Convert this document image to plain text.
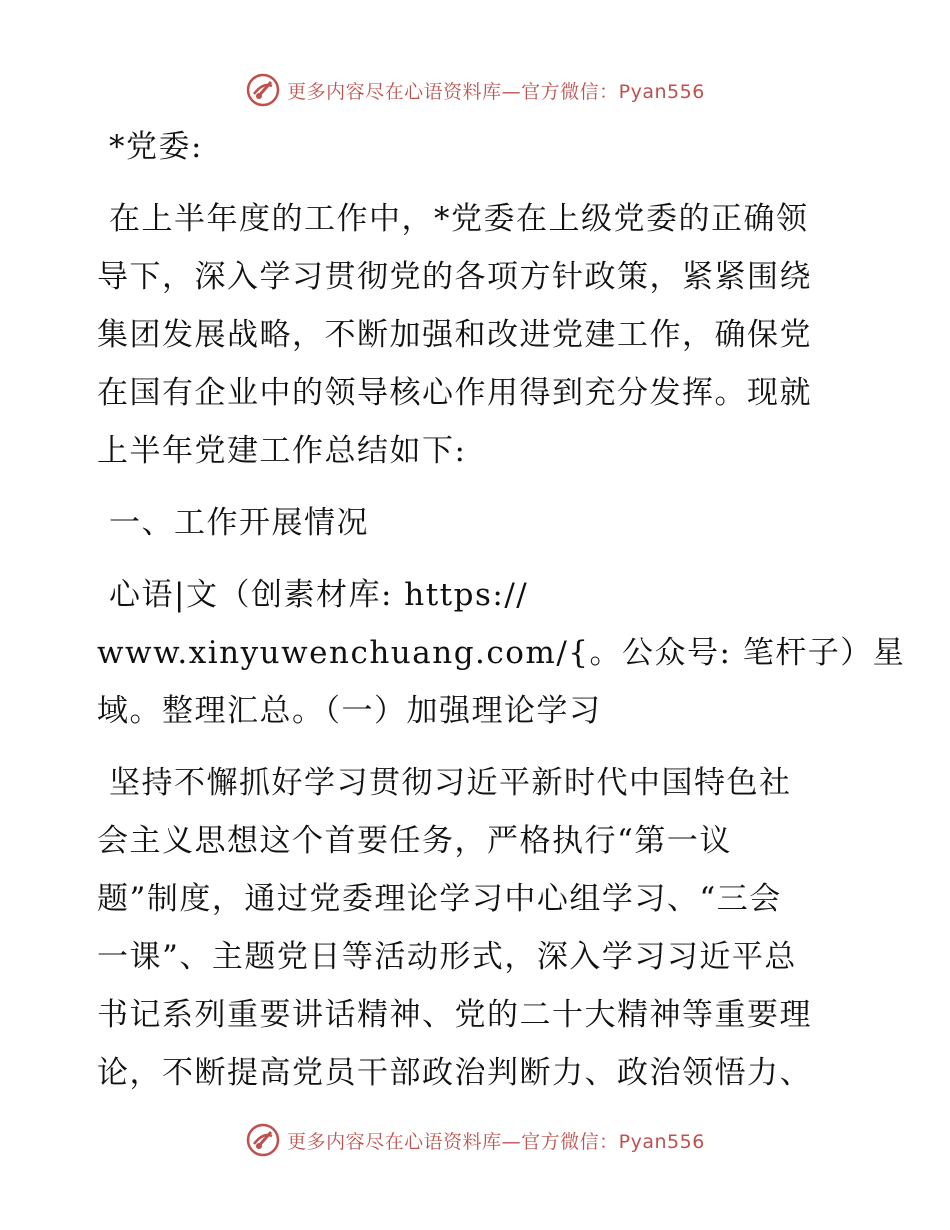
更多内容尽在心语资料库—官方微信：Pyan556
*党委:
在上半年度的工作中，*党委在上级党委的正确领
导下，深入学习贯彻党的各项方针政策，紧紧围绕
集团发展战略，不断加强和改进党建工作，确保党
在国有企业中的领导核心作用得到充分发挥。现就
上半年党建工作总结如下:
一、工作开展情况
心语|文（创素材库: https://
www.xinyuwenchuang.com/{。公众号: 笔杆子）星
域。整理汇总。（一）加强理论学习
坚持不懈抓好学习贯彻习近平新时代中国特色社
会主义思想这个首要任务，严格执行“第一议
题”制度，通过党委理论学习中心组学习、“三会
一课”、主题党日等活动形式，深入学习习近平总
书记系列重要讲话精神、党的二十大精神等重要理
论，不断提高党员干部政治判断力、政治领悟力、
更多内容尽在心语资料库—官方微信：Pyan556
